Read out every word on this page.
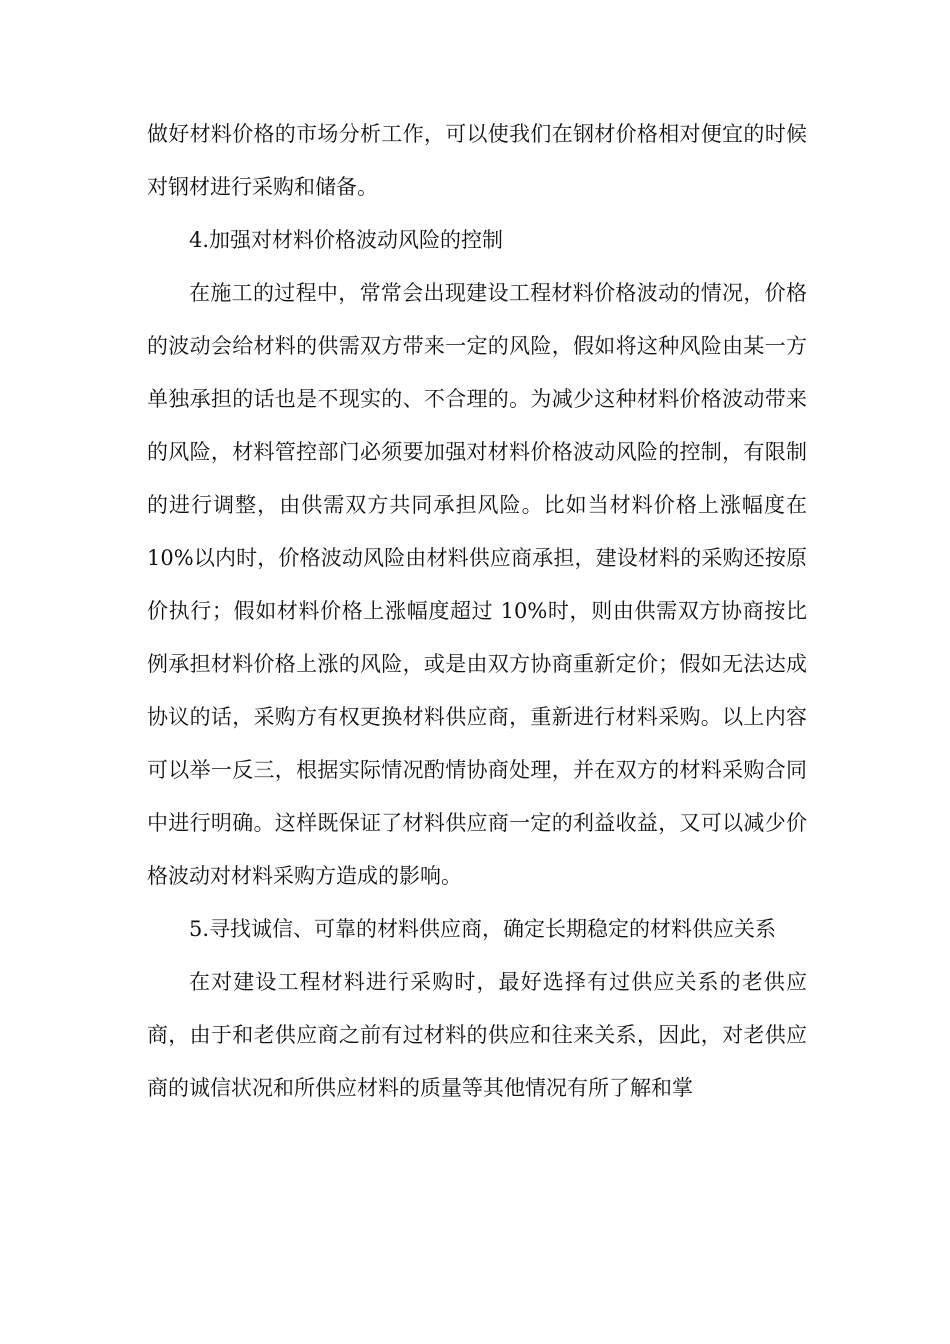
做好材料价格的市场分析工作，可以使我们在钢材价格相对便宜的时候对钢材进行采购和储备。

4.加强对材料价格波动风险的控制

在施工的过程中，常常会出现建设工程材料价格波动的情况，价格的波动会给材料的供需双方带来一定的风险，假如将这种风险由某一方单独承担的话也是不现实的、不合理的。为减少这种材料价格波动带来的风险，材料管控部门必须要加强对材料价格波动风险的控制，有限制的进行调整，由供需双方共同承担风险。比如当材料价格上涨幅度在 10%以内时，价格波动风险由材料供应商承担，建设材料的采购还按原价执行；假如材料价格上涨幅度超过 10%时，则由供需双方协商按比例承担材料价格上涨的风险，或是由双方协商重新定价；假如无法达成协议的话，采购方有权更换材料供应商，重新进行材料采购。以上内容可以举一反三，根据实际情况酌情协商处理，并在双方的材料采购合同中进行明确。这样既保证了材料供应商一定的利益收益，又可以减少价格波动对材料采购方造成的影响。

5.寻找诚信、可靠的材料供应商，确定长期稳定的材料供应关系

在对建设工程材料进行采购时，最好选择有过供应关系的老供应商，由于和老供应商之前有过材料的供应和往来关系，因此，对老供应商的诚信状况和所供应材料的质量等其他情况有所了解和掌
